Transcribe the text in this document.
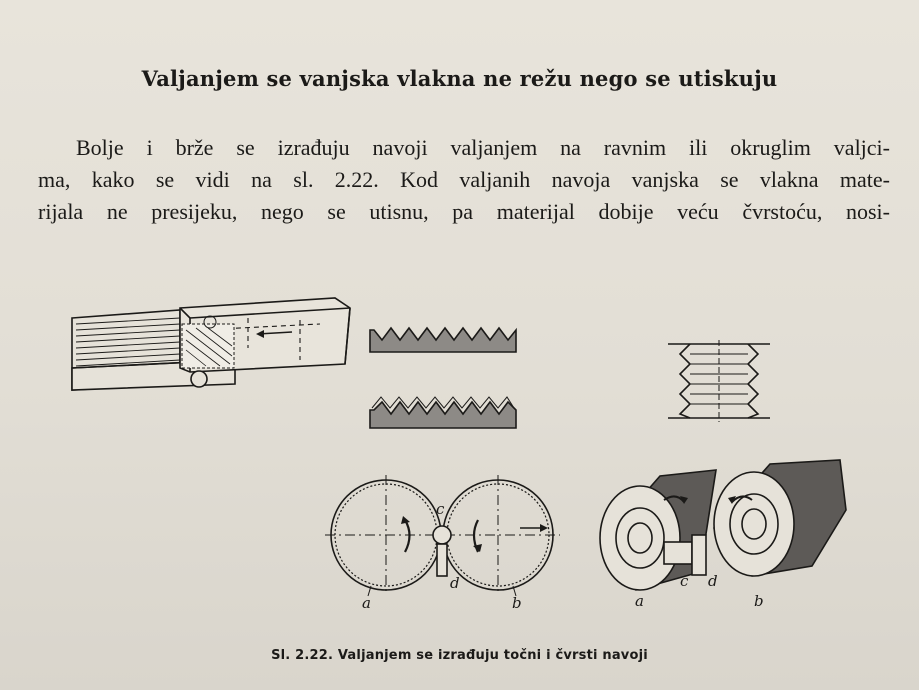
Valjanjem se vanjska vlakna ne režu nego se utiskuju
Bolje i brže se izrađuju navoji valjanjem na ravnim ili okruglim valjci-
ma, kako se vidi na sl. 2.22. Kod valjanih navoja vanjska se vlakna mate-
rijala ne presijeku, nego se utisnu, pa materijal dobije veću čvrstoću, nosi-
a
c
d
b	a
c d
b
Sl. 2.22. Valjanjem se izrađuju točni i čvrsti navoji
